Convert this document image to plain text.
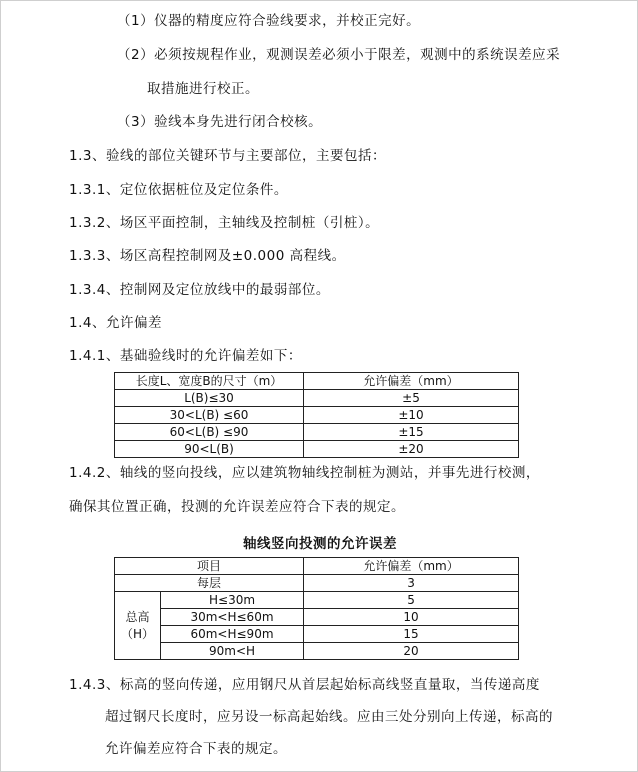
（1）仪器的精度应符合验线要求，并校正完好。
（2）必须按规程作业，观测误差必须小于限差，观测中的系统误差应采
取措施进行校正。
（3）验线本身先进行闭合校核。
1.3、验线的部位关键环节与主要部位，主要包括：
1.3.1、定位依据桩位及定位条件。
1.3.2、场区平面控制，主轴线及控制桩（引桩）。
1.3.3、场区高程控制网及±0.000 高程线。
1.3.4、控制网及定位放线中的最弱部位。
1.4、允许偏差
1.4.1、基础验线时的允许偏差如下：
长度L、宽度B的尺寸（m）	允许偏差（mm）
L(B)≤30	±5
30<L(B) ≤60	±10
60<L(B) ≤90	±15
90<L(B)	±20
1.4.2、轴线的竖向投线，应以建筑物轴线控制桩为测站，并事先进行校测，
确保其位置正确，投测的允许误差应符合下表的规定。
轴线竖向投测的允许误差
项目		允许偏差（mm）
每层		3

总高
（H）	H≤30m	5
	30m<H≤60m	10
	60m<H≤90m	15
	90m<H	20
1.4.3、标高的竖向传递，应用钢尺从首层起始标高线竖直量取，当传递高度
超过钢尺长度时，应另设一标高起始线。应由三处分别向上传递，标高的
允许偏差应符合下表的规定。
